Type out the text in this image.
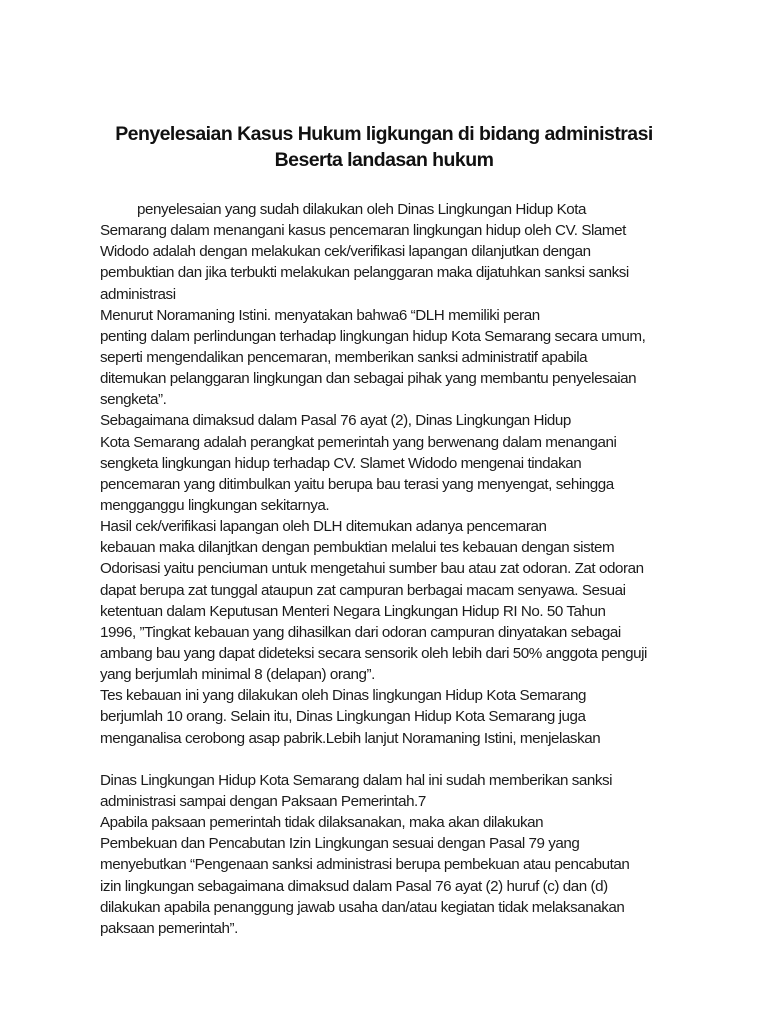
Penyelesaian Kasus Hukum ligkungan di bidang administrasi
Beserta landasan hukum
penyelesaian yang sudah dilakukan oleh Dinas Lingkungan Hidup Kota
Semarang dalam menangani kasus pencemaran lingkungan hidup oleh CV. Slamet
Widodo adalah dengan melakukan cek/verifikasi lapangan dilanjutkan dengan
pembuktian dan jika terbukti melakukan pelanggaran maka dijatuhkan sanksi sanksi
administrasi
Menurut Noramaning Istini. menyatakan bahwa6 “DLH memiliki peran
penting dalam perlindungan terhadap lingkungan hidup Kota Semarang secara umum,
seperti mengendalikan pencemaran, memberikan sanksi administratif apabila
ditemukan pelanggaran lingkungan dan sebagai pihak yang membantu penyelesaian
sengketa”.
Sebagaimana dimaksud dalam Pasal 76 ayat (2), Dinas Lingkungan Hidup
Kota Semarang adalah perangkat pemerintah yang berwenang dalam menangani
sengketa lingkungan hidup terhadap CV. Slamet Widodo mengenai tindakan
pencemaran yang ditimbulkan yaitu berupa bau terasi yang menyengat, sehingga
mengganggu lingkungan sekitarnya.
Hasil cek/verifikasi lapangan oleh DLH ditemukan adanya pencemaran
kebauan maka dilanjtkan dengan pembuktian melalui tes kebauan dengan sistem
Odorisasi yaitu penciuman untuk mengetahui sumber bau atau zat odoran. Zat odoran
dapat berupa zat tunggal ataupun zat campuran berbagai macam senyawa. Sesuai
ketentuan dalam Keputusan Menteri Negara Lingkungan Hidup RI No. 50 Tahun
1996, ”Tingkat kebauan yang dihasilkan dari odoran campuran dinyatakan sebagai
ambang bau yang dapat dideteksi secara sensorik oleh lebih dari 50% anggota penguji
yang berjumlah minimal 8 (delapan) orang”.
Tes kebauan ini yang dilakukan oleh Dinas lingkungan Hidup Kota Semarang
berjumlah 10 orang. Selain itu, Dinas Lingkungan Hidup Kota Semarang juga
menganalisa cerobong asap pabrik.Lebih lanjut Noramaning Istini, menjelaskan
Dinas Lingkungan Hidup Kota Semarang dalam hal ini sudah memberikan sanksi
administrasi sampai dengan Paksaan Pemerintah.7
Apabila paksaan pemerintah tidak dilaksanakan, maka akan dilakukan
Pembekuan dan Pencabutan Izin Lingkungan sesuai dengan Pasal 79 yang
menyebutkan “Pengenaan sanksi administrasi berupa pembekuan atau pencabutan
izin lingkungan sebagaimana dimaksud dalam Pasal 76 ayat (2) huruf (c) dan (d)
dilakukan apabila penanggung jawab usaha dan/atau kegiatan tidak melaksanakan
paksaan pemerintah”.
